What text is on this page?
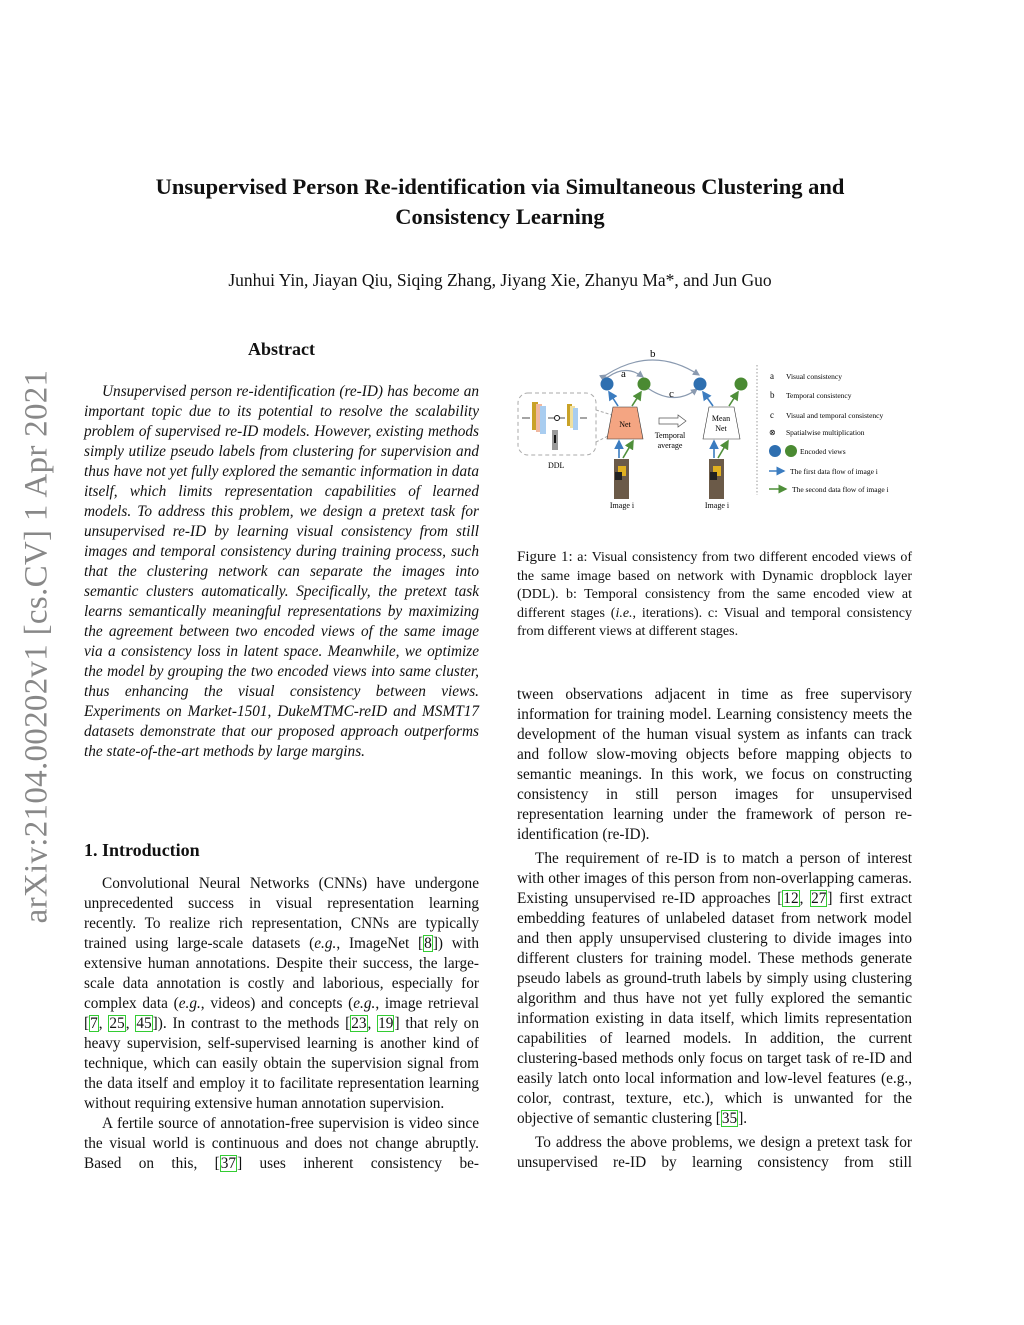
arXiv:2104.00202v1 [cs.CV] 1 Apr 2021
Unsupervised Person Re-identification via Simultaneous Clustering and Consistency Learning
Junhui Yin, Jiayan Qiu, Siqing Zhang, Jiyang Xie, Zhanyu Ma*, and Jun Guo
Abstract

Unsupervised person re-identification (re-ID) has become an important topic due to its potential to resolve the scalability problem of supervised re-ID models. However, existing methods simply utilize pseudo labels from clustering for supervision and thus have not yet fully explored the semantic information in data itself, which limits representation capabilities of learned models. To address this problem, we design a pretext task for unsupervised re-ID by learning visual consistency from still images and temporal consistency during training process, such that the clustering network can separate the images into semantic clusters automatically. Specifically, the pretext task learns semantically meaningful representations by maximizing the agreement between two encoded views of the same image via a consistency loss in latent space. Meanwhile, we optimize the model by grouping the two encoded views into same cluster, thus enhancing the visual consistency between views. Experiments on Market-1501, DukeMTMC-reID and MSMT17 datasets demonstrate that our proposed approach outperforms the state-of-the-art methods by large margins.

1. Introduction

Convolutional Neural Networks (CNNs) have undergone unprecedented success in visual representation learning recently. To realize rich representation, CNNs are typically trained using large-scale datasets (e.g., ImageNet [8]) with extensive human annotations. Despite their success, the large-scale data annotation is costly and laborious, especially for complex data (e.g., videos) and concepts (e.g., image retrieval [7, 25, 45]). In contrast to the methods [23, 19] that rely on heavy supervision, self-supervised learning is another kind of technique, which can easily obtain the supervision signal from the data itself and employ it to facilitate representation learning without requiring extensive human annotation supervision.

A fertile source of annotation-free supervision is video since the visual world is continuous and does not change abruptly. Based on this, [37] uses inherent consistency be-

tween observations adjacent in time as free supervisory information for training model. Learning consistency meets the development of the human visual system as infants can track and follow slow-moving objects before mapping objects to semantic meanings. In this work, we focus on constructing consistency in still person images for unsupervised representation learning under the framework of person re-identification (re-ID).

The requirement of re-ID is to match a person of interest with other images of this person from non-overlapping cameras. Existing unsupervised re-ID approaches [12, 27] first extract embedding features of unlabeled dataset from network model and then apply unsupervised clustering to divide images into different clusters for training model. These methods generate pseudo labels as ground-truth labels by simply using clustering algorithm and thus have not yet fully explored the semantic information existing in data itself, which limits representation capabilities of learned models. In addition, the current clustering-based methods only focus on target task of re-ID and easily latch onto local information and low-level features (e.g., color, contrast, texture, etc.), which is unwanted for the objective of semantic clustering [35].

To address the above problems, we design a pretext task for unsupervised re-ID by learning consistency from still

b
a
c
DDL
Net
Mean
Net
Temporal
average
Image i	Image i
a Visual consistency
b Temporal consistency
c Visual and temporal consistency
⊗ Spatialwise multiplication
Encoded views
The first data flow of image i
The second data flow of image i
Figure 1: a: Visual consistency from two different encoded views of the same image based on network with Dynamic dropblock layer (DDL). b: Temporal consistency from the same encoded view at different stages (i.e., iterations). c: Visual and temporal consistency from different views at different stages.
